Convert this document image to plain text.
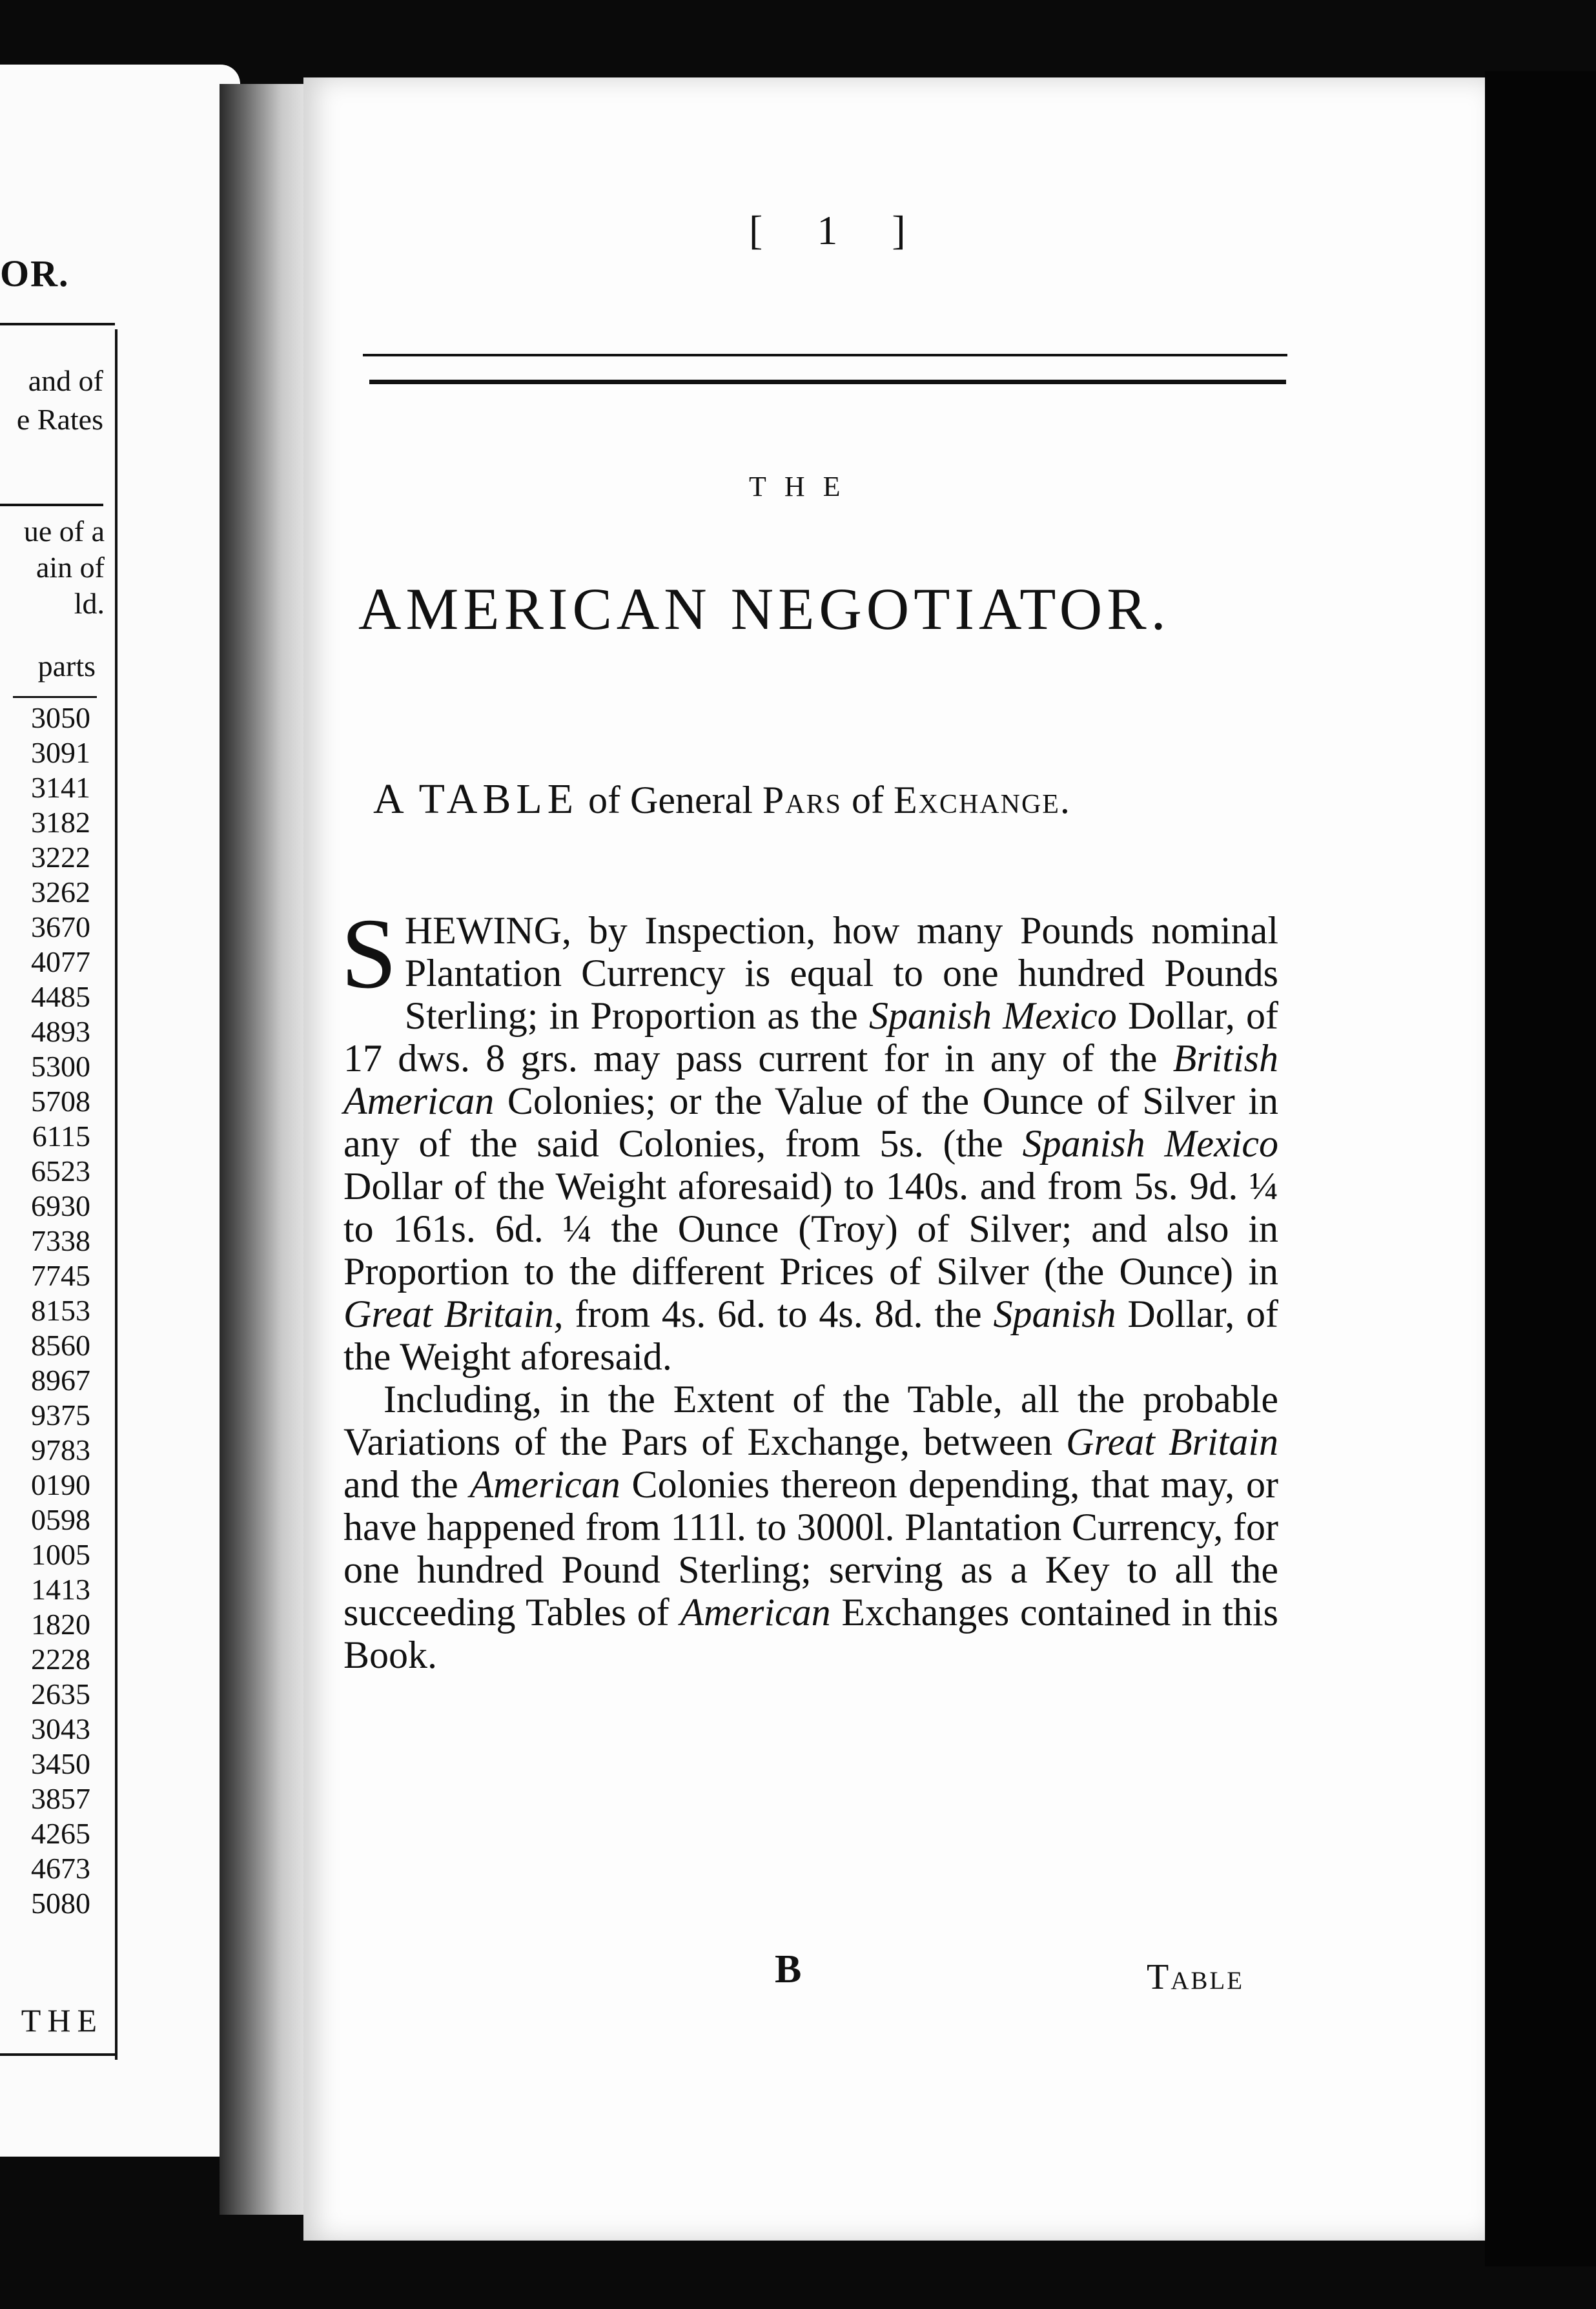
OR.
and of
e Rates
ue of a
ain of
ld.
parts
3050
3091
3141
3182
3222
3262
3670
4077
4485
4893
5300
5708
6115
6523
6930
7338
7745
8153
8560
8967
9375
9783
0190
0598
1005
1413
1820
2228
2635
3043
3450
3857
4265
4673
5080
THE
[ 1 ]
THE
AMERICAN NEGOTIATOR.
A TABLE of General Pars of Exchange.

SHEWING, by Inspection, how many Pounds nominal Plantation Currency is equal to one hundred Pounds Sterling; in Proportion as the Spanish Mexico Dollar, of 17 dws. 8 grs. may pass current for in any of the British American Colonies; or the Value of the Ounce of Silver in any of the said Colonies, from 5s. (the Spanish Mexico Dollar of the Weight aforesaid) to 140s. and from 5s. 9d. ¼ to 161s. 6d. ¼ the Ounce (Troy) of Silver; and also in Proportion to the different Prices of Silver (the Ounce) in Great Britain, from 4s. 6d. to 4s. 8d. the Spanish Dollar, of the Weight aforesaid.

Including, in the Extent of the Table, all the probable Variations of the Pars of Exchange, between Great Britain and the American Colonies thereon depending, that may, or have happened from 111l. to 3000l. Plantation Currency, for one hundred Pound Sterling; serving as a Key to all the succeeding Tables of American Exchanges contained in this Book.

B	Table
